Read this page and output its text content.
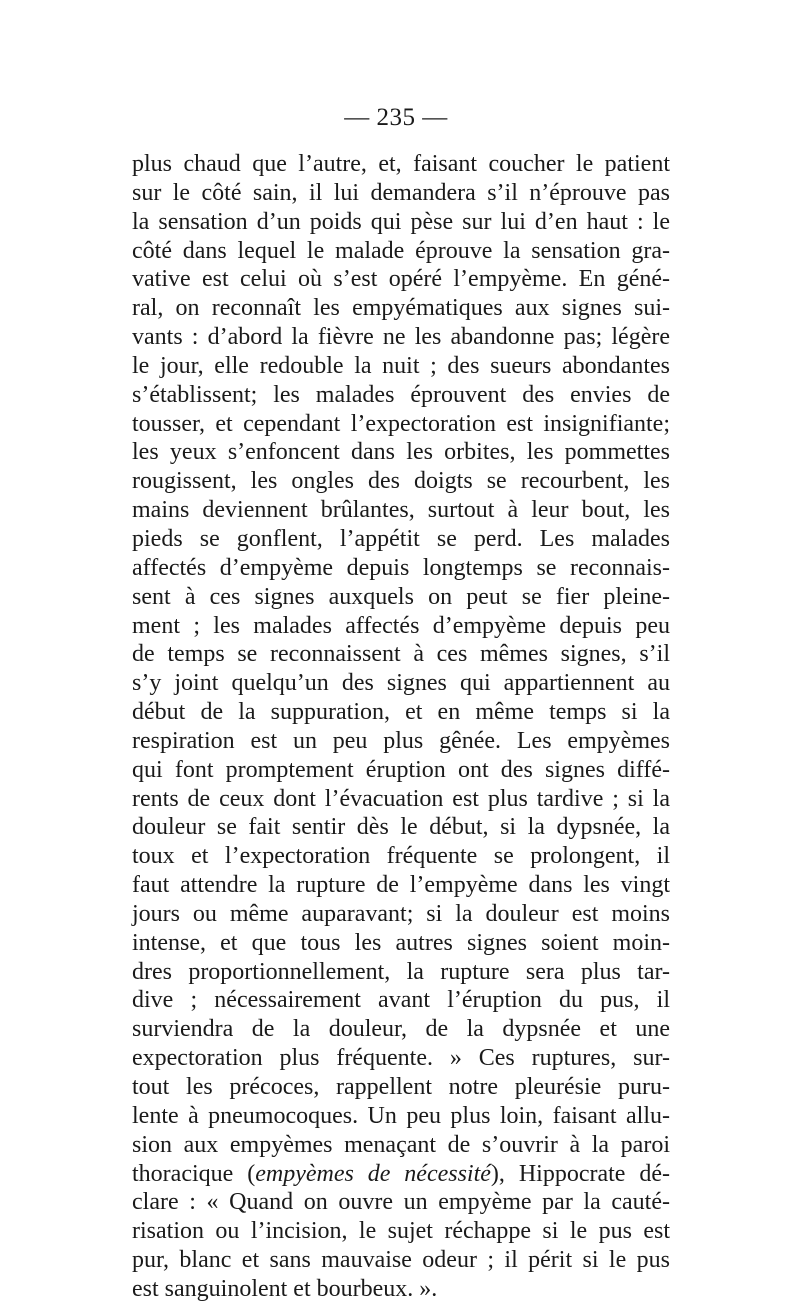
— 235 —
plus chaud que l’autre, et, faisant coucher le patient
sur le côté sain, il lui demandera s’il n’éprouve pas
la sensation d’un poids qui pèse sur lui d’en haut : le
côté dans lequel le malade éprouve la sensation gra-
vative est celui où s’est opéré l’empyème. En géné-
ral, on reconnaît les empyématiques aux signes sui-
vants : d’abord la fièvre ne les abandonne pas; légère
le jour, elle redouble la nuit ; des sueurs abondantes
s’établissent; les malades éprouvent des envies de
tousser, et cependant l’expectoration est insignifiante;
les yeux s’enfoncent dans les orbites, les pommettes
rougissent, les ongles des doigts se recourbent, les
mains deviennent brûlantes, surtout à leur bout, les
pieds se gonflent, l’appétit se perd. Les malades
affectés d’empyème depuis longtemps se reconnais-
sent à ces signes auxquels on peut se fier pleine-
ment ; les malades affectés d’empyème depuis peu
de temps se reconnaissent à ces mêmes signes, s’il
s’y joint quelqu’un des signes qui appartiennent au
début de la suppuration, et en même temps si la
respiration est un peu plus gênée. Les empyèmes
qui font promptement éruption ont des signes diffé-
rents de ceux dont l’évacuation est plus tardive ; si la
douleur se fait sentir dès le début, si la dypsnée, la
toux et l’expectoration fréquente se prolongent, il
faut attendre la rupture de l’empyème dans les vingt
jours ou même auparavant; si la douleur est moins
intense, et que tous les autres signes soient moin-
dres proportionnellement, la rupture sera plus tar-
dive ; nécessairement avant l’éruption du pus, il
surviendra de la douleur, de la dypsnée et une
expectoration plus fréquente. » Ces ruptures, sur-
tout les précoces, rappellent notre pleurésie puru-
lente à pneumocoques. Un peu plus loin, faisant allu-
sion aux empyèmes menaçant de s’ouvrir à la paroi
thoracique (empyèmes de nécessité), Hippocrate dé-
clare : « Quand on ouvre un empyème par la cauté-
risation ou l’incision, le sujet réchappe si le pus est
pur, blanc et sans mauvaise odeur ; il périt si le pus
est sanguinolent et bourbeux. ».
